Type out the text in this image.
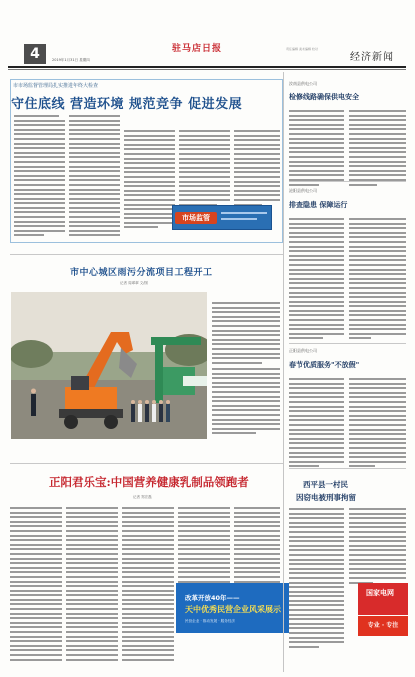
4	2019年1月31日 星期四
驻马店日报	责任编辑 美术编辑 校对
经济新闻
市市场监督管理局扎实推进年终大检查
守住底线 营造环境 规范竞争 促进发展
市场监管
市中心城区雨污分流项目工程开工
记者 周翠翠 文/图
正阳君乐宝:中国营养健康乳制品领跑者
记者 郑宏磊
改革开放40年——
天中优秀民营企业风采展示
民营企业 · 推动发展 · 服务经济
汝南县供电公司
检修线路确保供电安全
泌阳县供电公司
排查隐患 保障运行
正阳县供电公司
春节优质服务"不放假"
西平县一村民
因窃电被刑事拘留
国家电网
专业 · 专注
